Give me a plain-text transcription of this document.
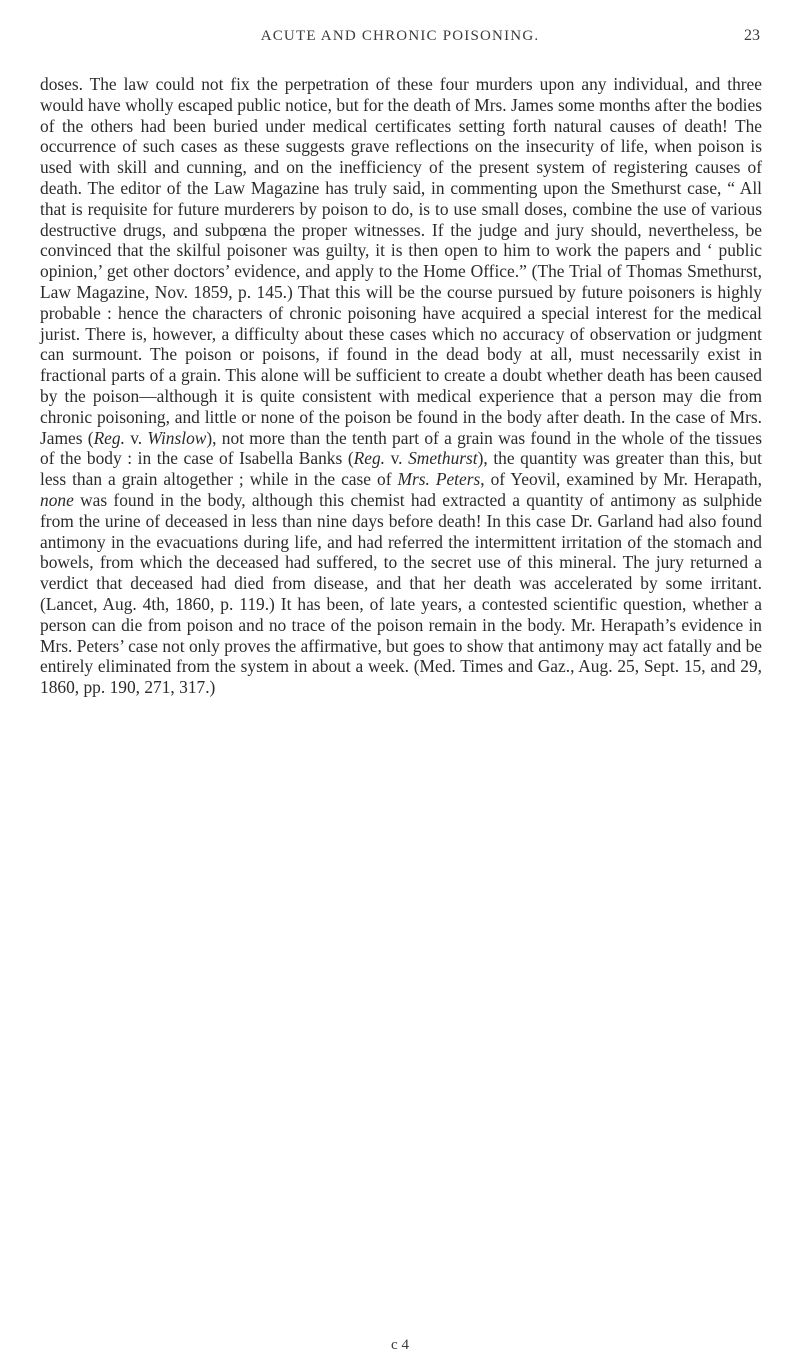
ACUTE AND CHRONIC POISONING.	23

doses. The law could not fix the perpetration of these four murders upon any individual, and three would have wholly escaped public notice, but for the death of Mrs. James some months after the bodies of the others had been buried under medical certificates setting forth natural causes of death! The occurrence of such cases as these suggests grave reflections on the insecurity of life, when poison is used with skill and cunning, and on the inefficiency of the present system of registering causes of death. The editor of the Law Magazine has truly said, in commenting upon the Smethurst case, “ All that is requisite for future murderers by poison to do, is to use small doses, combine the use of various destructive drugs, and subpœna the proper witnesses. If the judge and jury should, nevertheless, be convinced that the skilful poisoner was guilty, it is then open to him to work the papers and ‘ public opinion,’ get other doctors’ evidence, and apply to the Home Office.” (The Trial of Thomas Smethurst, Law Magazine, Nov. 1859, p. 145.) That this will be the course pursued by future poisoners is highly probable : hence the characters of chronic poisoning have acquired a special interest for the medical jurist. There is, however, a difficulty about these cases which no accuracy of observation or judgment can surmount. The poison or poisons, if found in the dead body at all, must necessarily exist in fractional parts of a grain. This alone will be sufficient to create a doubt whether death has been caused by the poison—although it is quite consistent with medical experience that a person may die from chronic poisoning, and little or none of the poison be found in the body after death. In the case of Mrs. James (Reg. v. Winslow), not more than the tenth part of a grain was found in the whole of the tissues of the body : in the case of Isabella Banks (Reg. v. Smethurst), the quantity was greater than this, but less than a grain altogether ; while in the case of Mrs. Peters, of Yeovil, examined by Mr. Herapath, none was found in the body, although this chemist had extracted a quantity of antimony as sulphide from the urine of deceased in less than nine days before death! In this case Dr. Garland had also found antimony in the evacuations during life, and had referred the intermittent irritation of the stomach and bowels, from which the deceased had suffered, to the secret use of this mineral. The jury returned a verdict that deceased had died from disease, and that her death was accelerated by some irritant. (Lancet, Aug. 4th, 1860, p. 119.) It has been, of late years, a contested scientific question, whether a person can die from poison and no trace of the poison remain in the body. Mr. Herapath’s evidence in Mrs. Peters’ case not only proves the affirmative, but goes to show that antimony may act fatally and be entirely eliminated from the system in about a week. (Med. Times and Gaz., Aug. 25, Sept. 15, and 29, 1860, pp. 190, 271, 317.)

c 4
